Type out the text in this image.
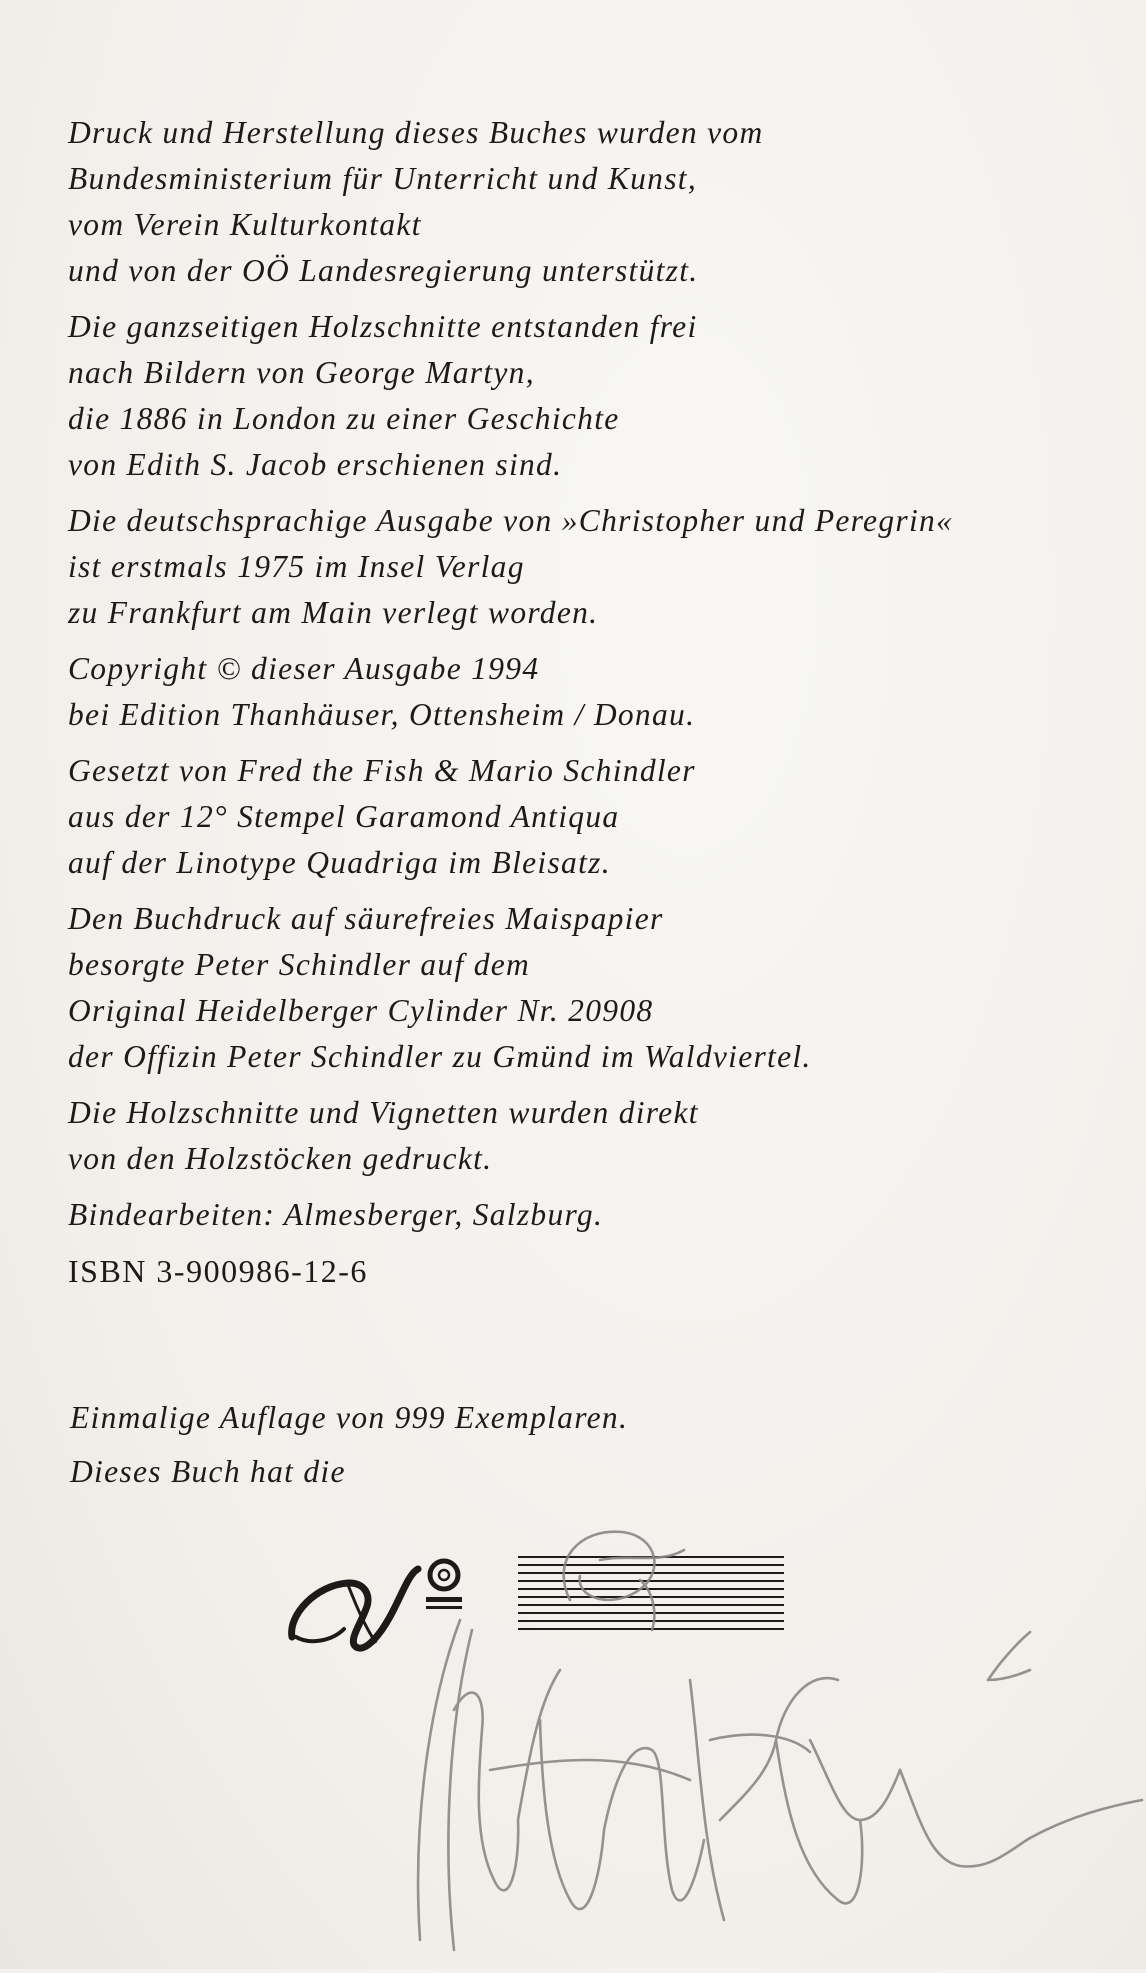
Druck und Herstellung dieses Buches wurden vom
Bundesministerium für Unterricht und Kunst,
vom Verein Kulturkontakt
und von der OÖ Landesregierung unterstützt.
Die ganzseitigen Holzschnitte entstanden frei
nach Bildern von George Martyn,
die 1886 in London zu einer Geschichte
von Edith S. Jacob erschienen sind.
Die deutschsprachige Ausgabe von »Christopher und Peregrin«
ist erstmals 1975 im Insel Verlag
zu Frankfurt am Main verlegt worden.
Copyright © dieser Ausgabe 1994
bei Edition Thanhäuser, Ottensheim / Donau.
Gesetzt von Fred the Fish & Mario Schindler
aus der 12° Stempel Garamond Antiqua
auf der Linotype Quadriga im Bleisatz.
Den Buchdruck auf säurefreies Maispapier
besorgte Peter Schindler auf dem
Original Heidelberger Cylinder Nr. 20908
der Offizin Peter Schindler zu Gmünd im Waldviertel.
Die Holzschnitte und Vignetten wurden direkt
von den Holzstöcken gedruckt.
Bindearbeiten: Almesberger, Salzburg.
ISBN 3-900986-12-6
Einmalige Auflage von 999 Exemplaren.
Dieses Buch hat die
